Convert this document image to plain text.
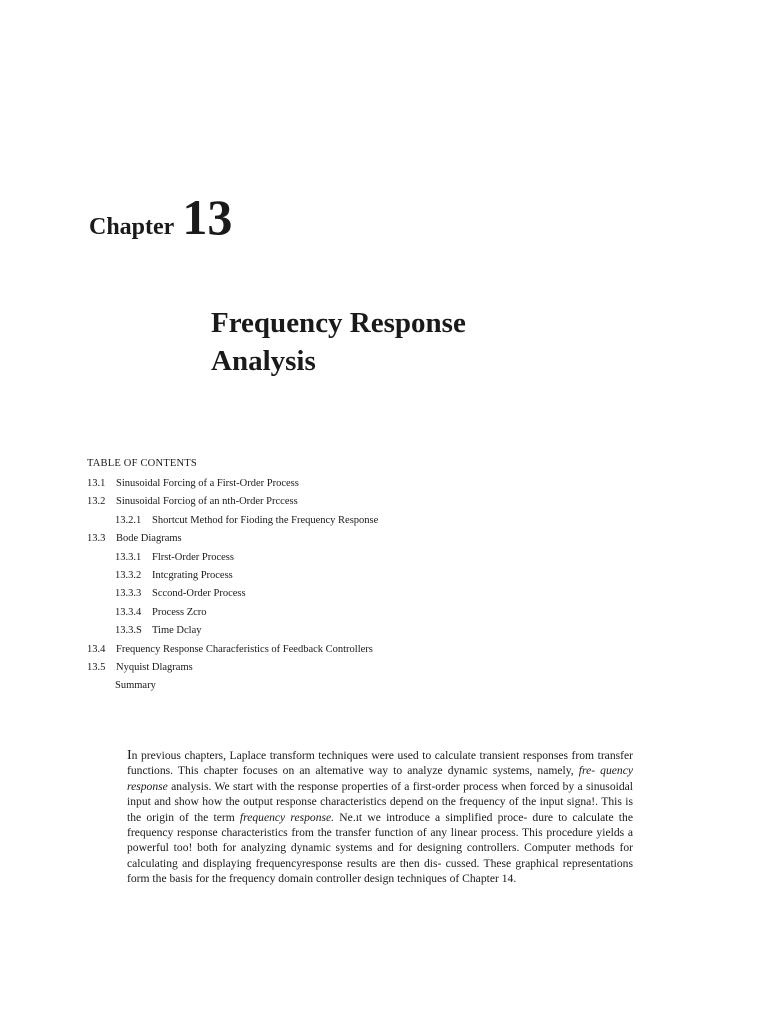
Chapter 13
Frequency Response
Analysis
TABLE OF CONTENTS
13.1 Sinusoidal Forcing of a First-Order Process
13.2 Sinusoidal Forciog of an nth-Order Prccess
13.2.1 Shortcut Method for Fioding the Frequency Response
13.3 Bode Diagrams
13.3.1 Flrst-Order Process
13.3.2 Intcgrating Process
13.3.3 Sccond-Order Process
13.3.4 Process Zcro
13.3.S Time Dclay
13.4 Frequency Response Characferistics of Feedback Controllers
13.5 Nyquist Dlagrams
Summary

In previous chapters, Laplace transform techniques were used to calculate transient responses from transfer functions. This chapter focuses on an altemative way to analyze dynamic systems, namely, fre- quency response analysis. We start with the response properties of a first-order process when forced by a sinusoidal input and show how the output response characteristics depend on the frequency of the input signa!. This is the origin of the term frequency response. Ne.ıt we introduce a simplified proce- dure to calculate the frequency response characteristics from the transfer function of any linear process. This procedure yields a powerful too! both for analyzing dynamic systems and for designing controllers. Computer methods for calculating and displaying frequencyresponse results are then dis- cussed. These graphical representations form the basis for the frequency domain controller design techniques of Chapter 14.
